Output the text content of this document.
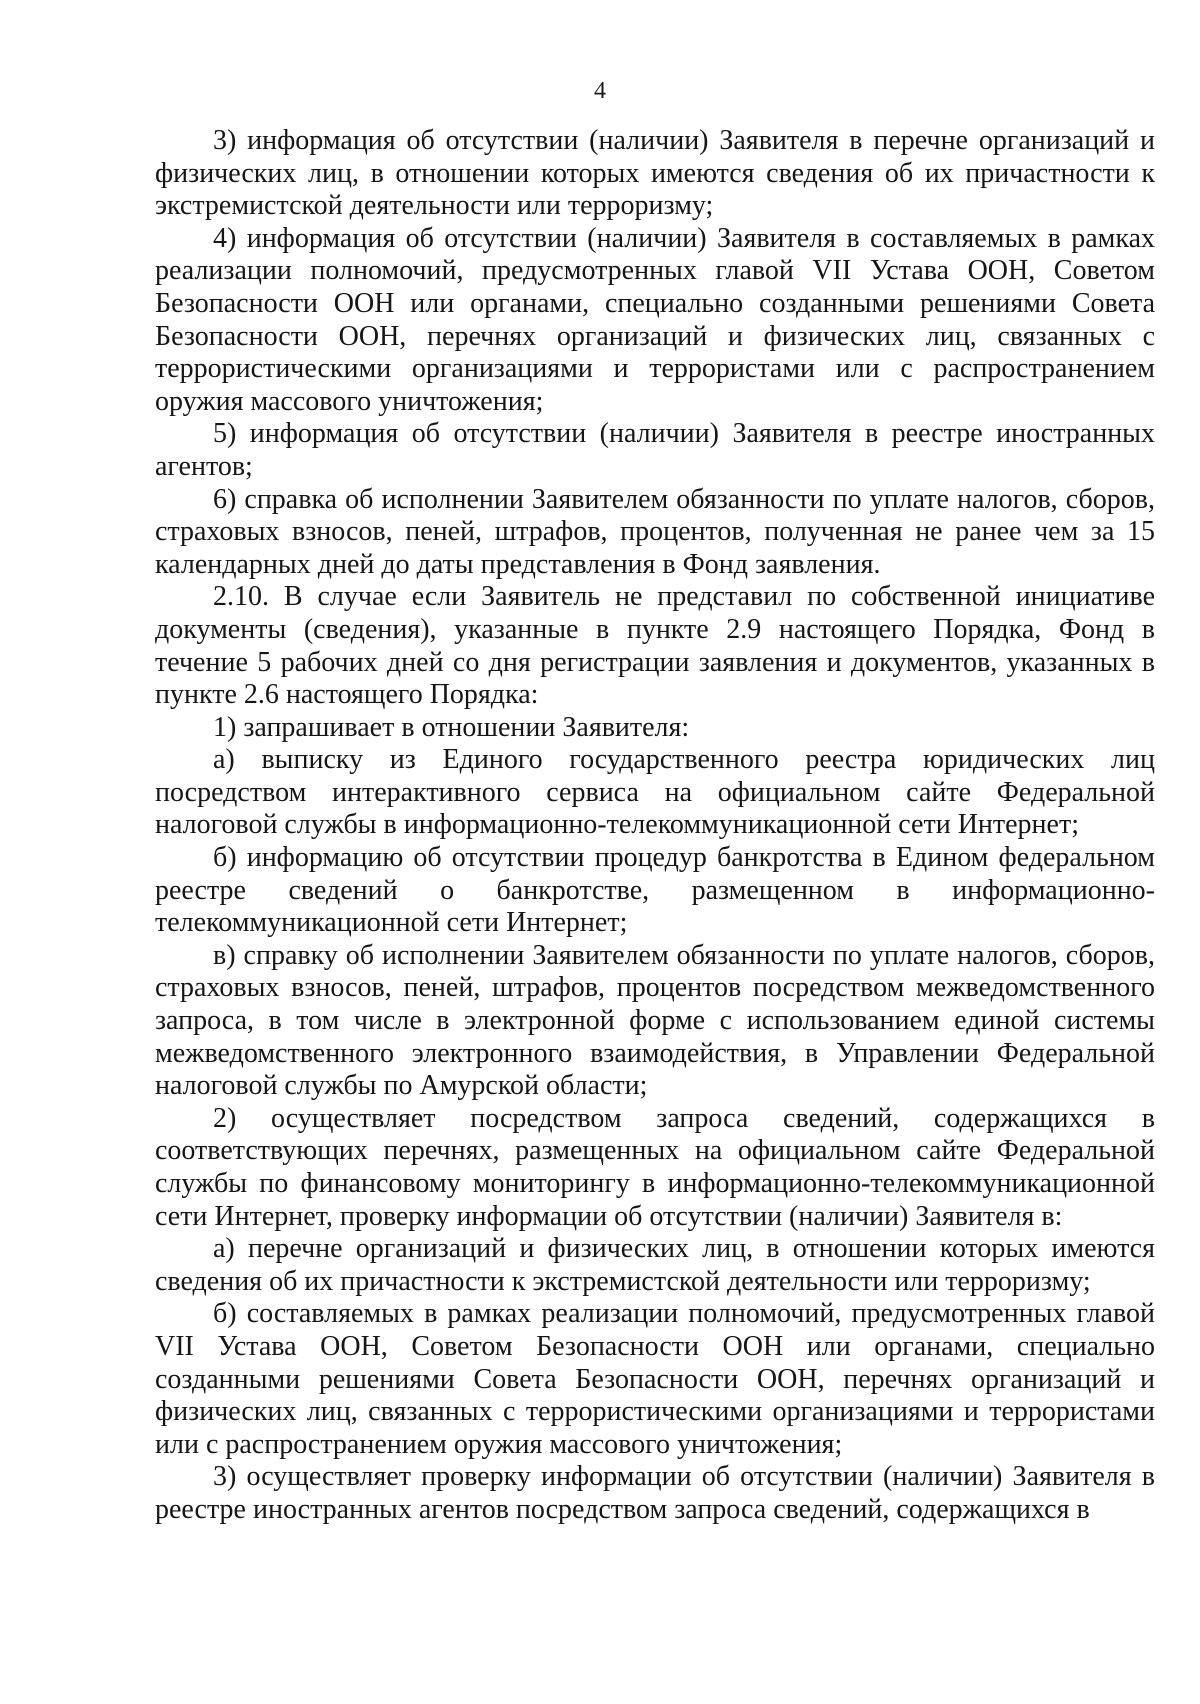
4

3) информация об отсутствии (наличии) Заявителя в перечне организаций и физических лиц, в отношении которых имеются сведения об их причастности к экстремистской деятельности или терроризму;

4) информация об отсутствии (наличии) Заявителя в составляемых в рамках реализации полномочий, предусмотренных главой VII Устава ООН, Советом Безопасности ООН или органами, специально созданными решениями Совета Безопасности ООН, перечнях организаций и физических лиц, связанных с террористическими организациями и террористами или с распространением оружия массового уничтожения;

5) информация об отсутствии (наличии) Заявителя в реестре иностранных агентов;

6) справка об исполнении Заявителем обязанности по уплате налогов, сборов, страховых взносов, пеней, штрафов, процентов, полученная не ранее чем за 15 календарных дней до даты представления в Фонд заявления.

2.10. В случае если Заявитель не представил по собственной инициативе документы (сведения), указанные в пункте 2.9 настоящего Порядка, Фонд в течение 5 рабочих дней со дня регистрации заявления и документов, указанных в пункте 2.6 настоящего Порядка:

1) запрашивает в отношении Заявителя:

а) выписку из Единого государственного реестра юридических лиц посредством интерактивного сервиса на официальном сайте Федеральной налоговой службы в информационно-телекоммуникационной сети Интернет;

б) информацию об отсутствии процедур банкротства в Едином федеральном реестре сведений о банкротстве, размещенном в информационно-телекоммуникационной сети Интернет;

в) справку об исполнении Заявителем обязанности по уплате налогов, сборов, страховых взносов, пеней, штрафов, процентов посредством межведомственного запроса, в том числе в электронной форме с использованием единой системы межведомственного электронного взаимодействия, в Управлении Федеральной налоговой службы по Амурской области;

2) осуществляет посредством запроса сведений, содержащихся в соответствующих перечнях, размещенных на официальном сайте Федеральной службы по финансовому мониторингу в информационно-телекоммуникационной сети Интернет, проверку информации об отсутствии (наличии) Заявителя в:

а) перечне организаций и физических лиц, в отношении которых имеются сведения об их причастности к экстремистской деятельности или терроризму;

б) составляемых в рамках реализации полномочий, предусмотренных главой VII Устава ООН, Советом Безопасности ООН или органами, специально созданными решениями Совета Безопасности ООН, перечнях организаций и физических лиц, связанных с террористическими организациями и террористами или с распространением оружия массового уничтожения;

3) осуществляет проверку информации об отсутствии (наличии) Заявителя в реестре иностранных агентов посредством запроса сведений, содержащихся в
